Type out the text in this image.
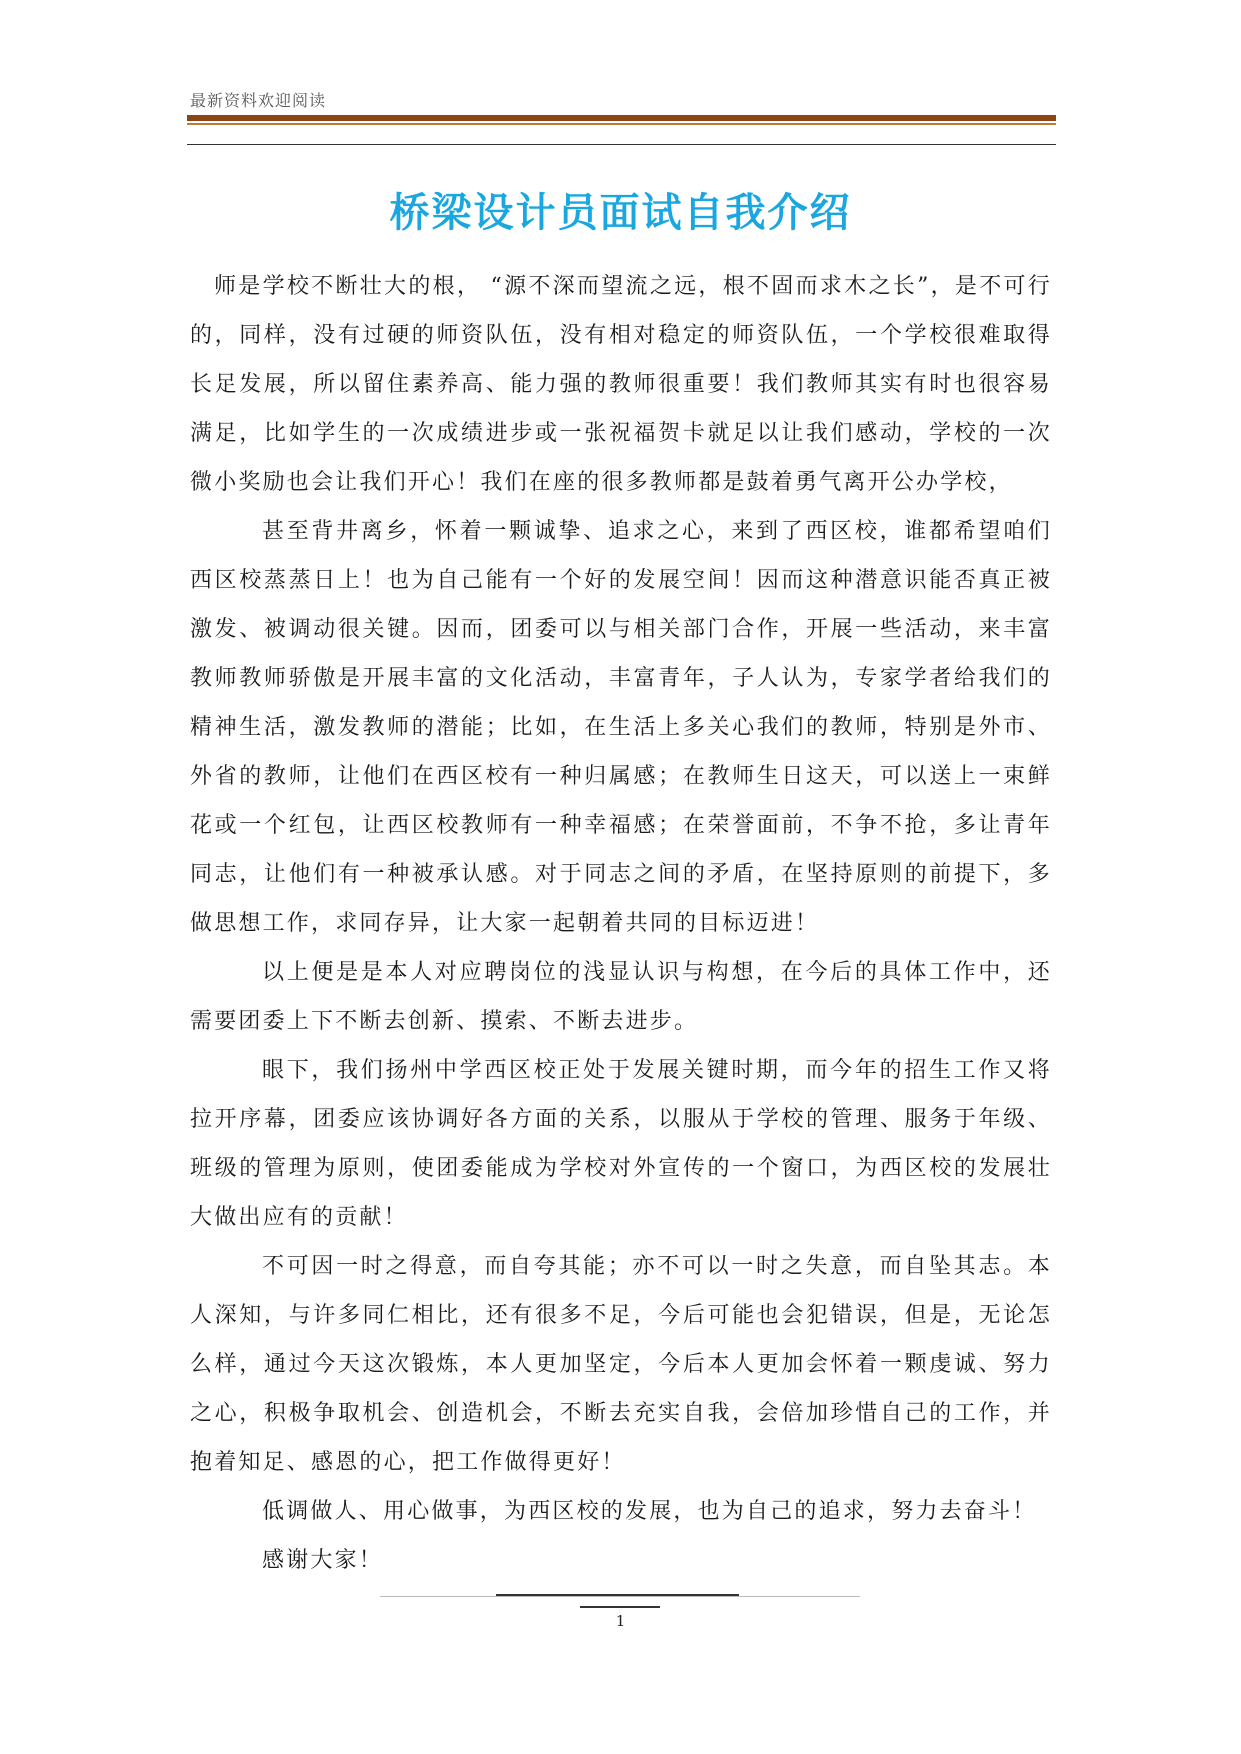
最新资料欢迎阅读
桥梁设计员面试自我介绍

师是学校不断壮大的根， “源不深而望流之远，根不固而求木之长”，是不可行的，同样，没有过硬的师资队伍，没有相对稳定的师资队伍，一个学校很难取得长足发展，所以留住素养高、能力强的教师很重要！我们教师其实有时也很容易满足，比如学生的一次成绩进步或一张祝福贺卡就足以让我们感动，学校的一次微小奖励也会让我们开心！我们在座的很多教师都是鼓着勇气离开公办学校，

甚至背井离乡，怀着一颗诚挚、追求之心，来到了西区校，谁都希望咱们西区校蒸蒸日上！也为自己能有一个好的发展空间！因而这种潜意识能否真正被激发、被调动很关键。因而，团委可以与相关部门合作，开展一些活动，来丰富教师教师骄傲是开展丰富的文化活动，丰富青年，子人认为，专家学者给我们的精神生活，激发教师的潜能；比如，在生活上多关心我们的教师，特别是外市、外省的教师，让他们在西区校有一种归属感；在教师生日这天，可以送上一束鲜花或一个红包，让西区校教师有一种幸福感；在荣誉面前，不争不抢，多让青年同志，让他们有一种被承认感。对于同志之间的矛盾，在坚持原则的前提下，多做思想工作，求同存异，让大家一起朝着共同的目标迈进！

以上便是是本人对应聘岗位的浅显认识与构想，在今后的具体工作中，还需要团委上下不断去创新、摸索、不断去进步。

眼下，我们扬州中学西区校正处于发展关键时期，而今年的招生工作又将拉开序幕，团委应该协调好各方面的关系，以服从于学校的管理、服务于年级、班级的管理为原则，使团委能成为学校对外宣传的一个窗口，为西区校的发展壮大做出应有的贡献！

不可因一时之得意，而自夸其能；亦不可以一时之失意，而自坠其志。本人深知，与许多同仁相比，还有很多不足，今后可能也会犯错误，但是，无论怎么样，通过今天这次锻炼，本人更加坚定，今后本人更加会怀着一颗虔诚、努力之心，积极争取机会、创造机会，不断去充实自我，会倍加珍惜自己的工作，并抱着知足、感恩的心，把工作做得更好！

低调做人、用心做事，为西区校的发展，也为自己的追求，努力去奋斗！

感谢大家！

1
